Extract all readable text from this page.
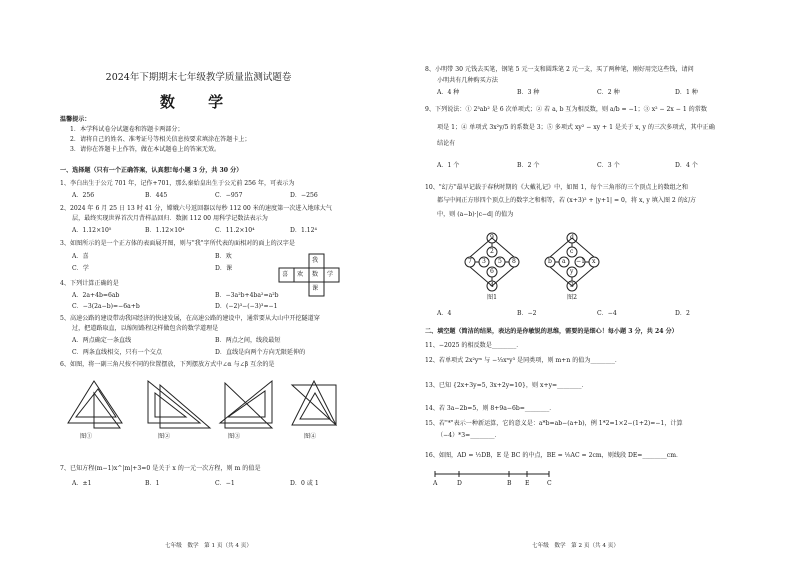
2024年下期期末七年级教学质量监测试题卷
数 学
温馨提示：
1．本学科试卷分试题卷和答题卡两部分；
2．请将自己的姓名、准考证号等相关信息按要求填涂在答题卡上；
3．请你在答题卡上作答，做在本试题卷上的答案无效。
一、选择题（只有一个正确答案，认真想!每小题 3 分，共 30 分）
1、李白出生于公元 701 年，记作+701，那么秦始皇出生于公元前 256 年，可表示为
A．256	B．445	C．−957	D．−256
2、2024 年 6 月 25 日 13 时 41 分，嫦娥六号返回器以每秒 112 00 米的速度第一次进入地球大气
层，最终实现世界首次月背样品回归．数据 112 00 用科学记数法表示为
A．1.12×10⁵	B．1.12×10⁴	C．11.2×10⁴	D．1.12⁴
3、如图所示的是一个正方体的表面展开图，则与"我"字所代表的面相对的面上的汉字是
A．喜	B．欢
C．学	D．课
我
喜 欢 数 学
课
4、下列计算正确的是
A．2a+4b=6ab	B．−3a²b+4ba²=a²b
C．−3(2a−b)=−6a+b	D．(−2)³−(−3)³=−1
5、高速公路的建设带动我国经济的快速发展，在高速公路的建设中，通常要从大山中开挖隧道穿
过，把道路取直，以缩短路程这样做包含的数学道理是
A．两点确定一条直线	B．两点之间，线段最短
C．两条直线相交，只有一个交点	D．直线是向两个方向无限延伸的
6、如图，将一副三角尺按不同的位置摆放，下列摆放方式中∠α 与∠β 互余的是
图①	图②	图③	图④
7、已知方程(m−1)x^|m|+3=0 是关于 x 的一元一次方程，则 m 的值是
A．±1	B．1	C．−1	D．0 或 1
七年级　数学　第 1 页（共 4 页）
8、小明带 30 元钱去买笔，钢笔 5 元一支和圆珠笔 2 元一支，买了两种笔，刚好用完这些钱，请问
小明共有几种购买方法
A．4 种	B．3 种	C．2 种	D．1 种
9、下列说法：① 2³ab² 是 6 次单项式；② 若 a, b 互为相反数，则 a/b = −1；③ x² − 2x − 1 的常数
项是 1；④ 单项式 3x²y/5 的系数是 3；⑤ 多项式 xy² − xy + 1 是关于 x, y 的三次多项式，其中正确
结论有
A．1 个	B．2 个	C．3 个	D．4 个
10、"幻方"最早记载于春秋时期的《大戴礼记》中，如图 1，每个三角形的三个顶点上的数组之和
都与中间正方形四个顶点上的数字之和相等，若 (x+3)² + |y+1| = 0，将 x, y 填入图 2 的幻方
中，则 (a−b)·|c−d| 的值为
9
2
7 3 5 8
6
4
d
c
b a −1 x
y
3
图1	图2
A．4	B．−2	C．−4	D．2
二、填空题（简洁的结果，表达的是你敏锐的思维，需要的是细心！每小题 3 分，共 24 分）
11、−2025 的相反数是________．
12、若单项式 2x²yᵐ 与 −⅓xⁿy³ 是同类项，则 m+n 的值为________．
13、已知 {2x+3y=5, 3x+2y=10}，则 x+y=________．
14、若 3a−2b=5，则 8+9a−6b=________．
15、若"*"表示一种新运算，它的意义是：a*b=ab−(a+b)，例 1*2=1×2−(1+2)=−1，计算
（−4）*3=________．
16、如图，AD = ½DB，E 是 BC 的中点，BE = ⅕AC = 2cm，则线段 DE=________cm．
A	D	B E	C
七年级　数学　第 2 页（共 4 页）
